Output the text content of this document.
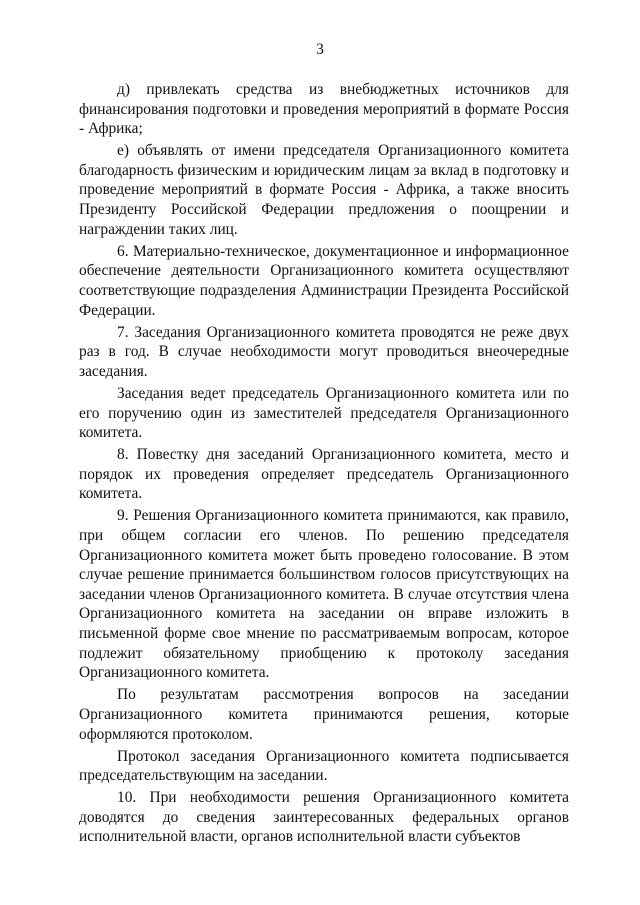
3

д) привлекать средства из внебюджетных источников для финансирования подготовки и проведения мероприятий в формате Россия - Африка;

е) объявлять от имени председателя Организационного комитета благодарность физическим и юридическим лицам за вклад в подготовку и проведение мероприятий в формате Россия - Африка, а также вносить Президенту Российской Федерации предложения о поощрении и награждении таких лиц.

6. Материально-техническое, документационное и информационное обеспечение деятельности Организационного комитета осуществляют соответствующие подразделения Администрации Президента Российской Федерации.

7. Заседания Организационного комитета проводятся не реже двух раз в год. В случае необходимости могут проводиться внеочередные заседания.

Заседания ведет председатель Организационного комитета или по его поручению один из заместителей председателя Организационного комитета.

8. Повестку дня заседаний Организационного комитета, место и порядок их проведения определяет председатель Организационного комитета.

9. Решения Организационного комитета принимаются, как правило, при общем согласии его членов. По решению председателя Организационного комитета может быть проведено голосование. В этом случае решение принимается большинством голосов присутствующих на заседании членов Организационного комитета. В случае отсутствия члена Организационного комитета на заседании он вправе изложить в письменной форме свое мнение по рассматриваемым вопросам, которое подлежит обязательному приобщению к протоколу заседания Организационного комитета.

По результатам рассмотрения вопросов на заседании Организационного комитета принимаются решения, которые оформляются протоколом.

Протокол заседания Организационного комитета подписывается председательствующим на заседании.

10. При необходимости решения Организационного комитета доводятся до сведения заинтересованных федеральных органов исполнительной власти, органов исполнительной власти субъектов
